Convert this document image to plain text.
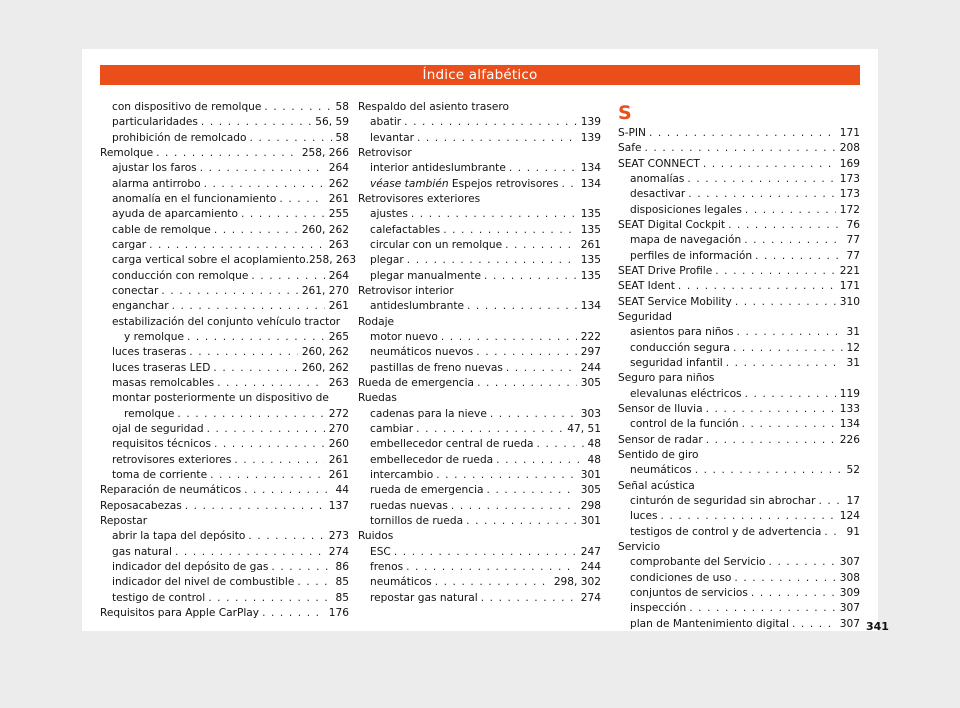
Índice alfabético
con dispositivo de remolque . . .	58
particularidades . . .	56, 59
prohibición de remolcado . . .	58
Remolque . . .	258, 266
ajustar los faros . . .	264
alarma antirrobo . . .	262
anomalía en el funcionamiento . . .	261
ayuda de aparcamiento . . .	255
cable de remolque . . .	260, 262
cargar . . .	263
carga vertical sobre el acoplamiento . 258, 263
conducción con remolque . . .	264
conectar . . .	261, 270
enganchar . . .	261
estabilización del conjunto vehículo tractor
y remolque . . .	265
luces traseras . . .	260, 262
luces traseras LED . . .	260, 262
masas remolcables . . .	263
montar posteriormente un dispositivo de
remolque . . .	272
ojal de seguridad . . .	270
requisitos técnicos . . .	260
retrovisores exteriores . . .	261
toma de corriente . . .	261
Reparación de neumáticos . . .	44
Reposacabezas . . .	137
Repostar
abrir la tapa del depósito . . .	273
gas natural . . .	274
indicador del depósito de gas . . .	86
indicador del nivel de combustible . . .	85
testigo de control . . .	85
Requisitos para Apple CarPlay . . .	176
Respaldo del asiento trasero
abatir . . .	139
levantar . . .	139
Retrovisor
interior antideslumbrante . . .	134
véase también Espejos retrovisores . . . 134
Retrovisores exteriores
ajustes . . .	135
calefactables . . .	135
circular con un remolque . . .	261
plegar . . .	135
plegar manualmente . . .	135
Retrovisor interior
antideslumbrante . . .	134
Rodaje
motor nuevo . . .	222
neumáticos nuevos . . .	297
pastillas de freno nuevas . . .	244
Rueda de emergencia . . .	305
Ruedas
cadenas para la nieve . . .	303
cambiar . . .	47, 51
embellecedor central de rueda . . .	48
embellecedor de rueda . . .	48
intercambio . . .	301
rueda de emergencia . . .	305
ruedas nuevas . . .	298
tornillos de rueda . . .	301
Ruidos
ESC . . .	247
frenos . . .	244
neumáticos . . .	298, 302
repostar gas natural . . .	274
S
S-PIN . . .	171
Safe . . .	208
SEAT CONNECT . . .	169
anomalías . . .	173
desactivar . . .	173
disposiciones legales . . .	172
SEAT Digital Cockpit . . .	76
mapa de navegación . . .	77
perfiles de información . . .	77
SEAT Drive Profile . . .	221
SEAT Ident . . .	171
SEAT Service Mobility . . .	310
Seguridad
asientos para niños . . .	31
conducción segura . . .	12
seguridad infantil . . .	31
Seguro para niños
elevalunas eléctricos . . .	119
Sensor de lluvia . . .	133
control de la función . . .	134
Sensor de radar . . .	226
Sentido de giro
neumáticos . . .	52
Señal acústica
cinturón de seguridad sin abrochar . . .	17
luces . . .	124
testigos de control y de advertencia . . . 91
Servicio
comprobante del Servicio . . .	307
condiciones de uso . . .	308
conjuntos de servicios . . .	309
inspección . . .	307
plan de Mantenimiento digital . . .	307 341
